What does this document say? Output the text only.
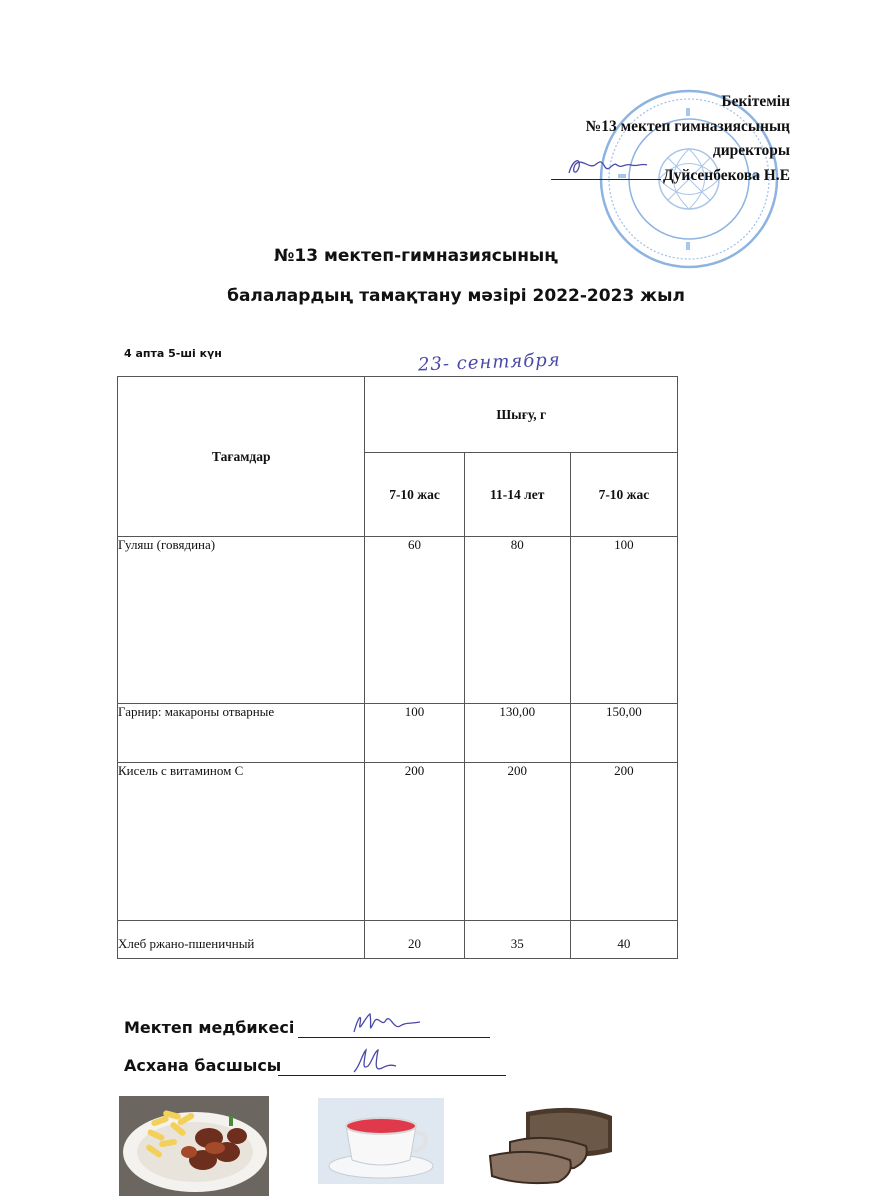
Бекітемін
№13 мектеп гимназиясының
директоры
Дуйсенбекова Н.Е
№13 мектеп-гимназиясының
балалардың тамақтану мәзірі 2022-2023 жыл
4 апта 5-ші күн	23- сентября
Тағамдар	Шығу, г		
	7-10 жас	11-14 лет	7-10 жас
Гуляш (говядина)	60	80	100
Гарнир: макароны отварные	100	130,00	150,00
Кисель с витамином С	200	200	200
Хлеб ржано-пшеничный	20	35	40
Мектеп медбикесі
Асхана басшысы
